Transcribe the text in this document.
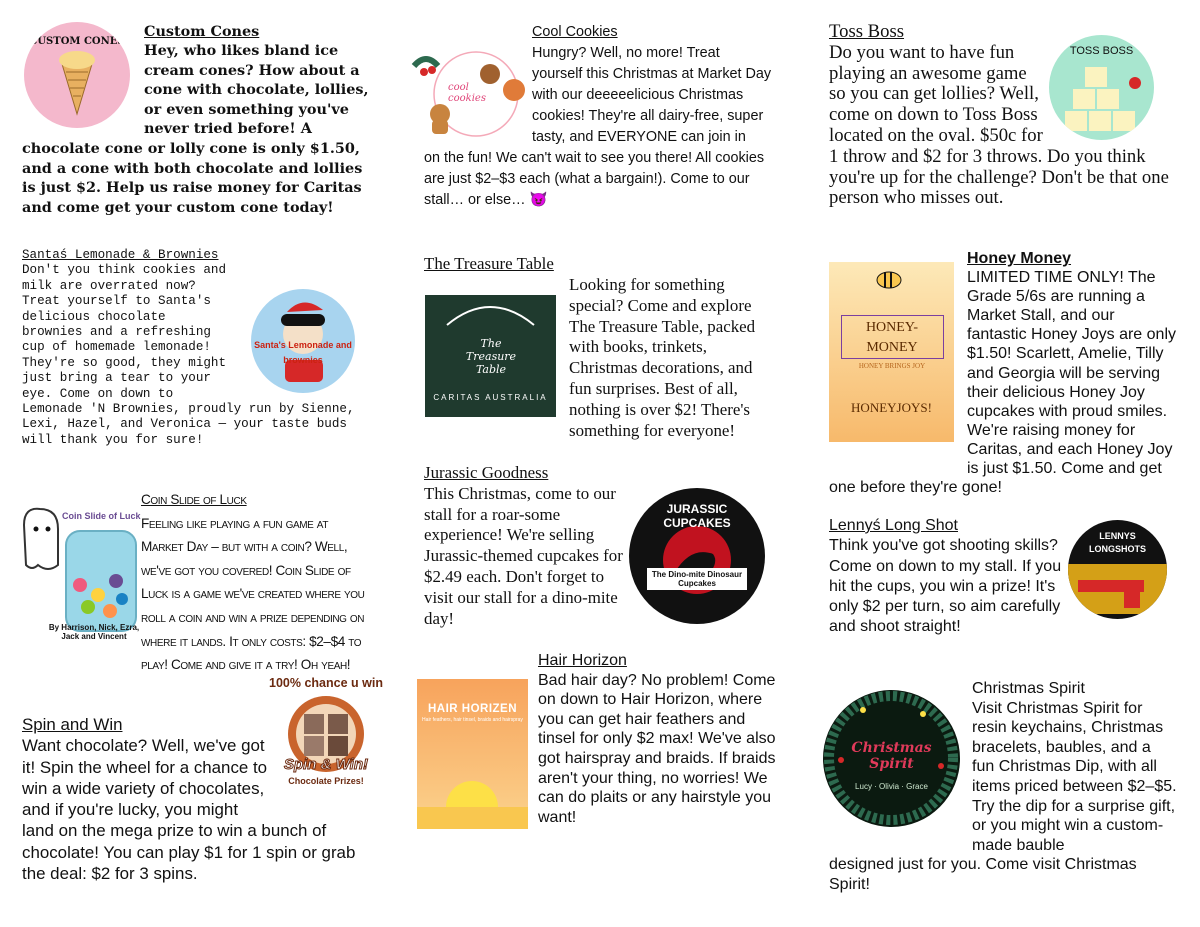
CUSTOM CONES
Custom Cones

Hey, who likes bland ice cream cones? How about a cone with chocolate, lollies, or even something you've never tried before! A chocolate cone or lolly cone is only $1.50, and a cone with both chocolate and lollies is just $2. Help us raise money for Caritas and come get your custom cone today!

Santa's Lemonade and brownies
Santaś Lemonade & Brownies

Don't you think cookies and milk are overrated now? Treat yourself to Santa's delicious chocolate brownies and a refreshing cup of homemade lemonade! They're so good, they might just bring a tear to your eye. Come on down to Lemonade 'N Brownies, proudly run by Sienne, Lexi, Hazel, and Veronica — your taste buds will thank you for sure!

Coin Slide of Luck
By Harrison, Nick, Ezra, Jack and Vincent
Coin Slide of Luck

Feeling like playing a fun game at Market Day – but with a coin? Well, we've got you covered! Coin Slide of Luck is a game we've created where you roll a coin and win a prize depending on where it lands. It only costs: $2–$4 to play! Come and give it a try! Oh yeah!

100% chance u win
Spin & Win!
Chocolate Prizes!
Spin and Win

Want chocolate? Well, we've got it! Spin the wheel for a chance to win a wide variety of chocolates, and if you're lucky, you might land on the mega prize to win a bunch of chocolate! You can play $1 for 1 spin or grab the deal: $2 for 3 spins.

cool cookies
Cool Cookies

Hungry? Well, no more! Treat yourself this Christmas at Market Day with our deeeeelicious Christmas cookies! They're all dairy-free, super tasty, and EVERYONE can join in

on the fun! We can't wait to see you there! All cookies are just $2–$3 each (what a bargain!). Come to our stall… or else… 😈

The Treasure Table
The Treasure Table
CARITAS AUSTRALIA

Looking for something special? Come and explore The Treasure Table, packed with books, trinkets, Christmas decorations, and fun surprises. Best of all, nothing is over $2! There's something for everyone!

Jurassic Goodness

This Christmas, come to our stall for a roar-some experience! We're selling Jurassic-themed cupcakes for $2.49 each. Don't forget to visit our stall for a dino-mite day!

JURASSIC CUPCAKES
The Dino-mite Dinosaur Cupcakes
HAIR HORIZEN
Hair feathers, hair tinsel, braids and hairspray
Hair Horizon

Bad hair day? No problem! Come on down to Hair Horizon, where you can get hair feathers and tinsel for only $2 max! We've also got hairspray and braids. If braids aren't your thing, no worries! We can do plaits or any hairstyle you want!

TOSS BOSS
Toss Boss

Do you want to have fun playing an awesome game so you can get lollies? Well, come on down to Toss Boss located on the oval. $50c for 1 throw and $2 for 3 throws. Do you think you're up for the challenge? Don't be that one person who misses out.

HONEY-MONEY
HONEY BRINGS JOY
HONEYJOYS!
Honey Money

LIMITED TIME ONLY! The Grade 5/6s are running a Market Stall, and our fantastic Honey Joys are only $1.50! Scarlett, Amelie, Tilly and Georgia will be serving their delicious Honey Joy cupcakes with proud smiles. We're raising money for Caritas, and each Honey Joy is just $1.50. Come and get one before they're gone!

LENNYS LONGSHOTS
Lennyś Long Shot

Think you've got shooting skills? Come on down to my stall. If you hit the cups, you win a prize! It's only $2 per turn, so aim carefully and shoot straight!

Christmas Spirit
Lucy · Olivia · Grace
Christmas Spirit

Visit Christmas Spirit for resin keychains, Christmas bracelets, baubles, and a fun Christmas Dip, with all items priced between $2–$5. Try the dip for a surprise gift, or you might win a custom-made bauble

designed just for you. Come visit Christmas Spirit!
